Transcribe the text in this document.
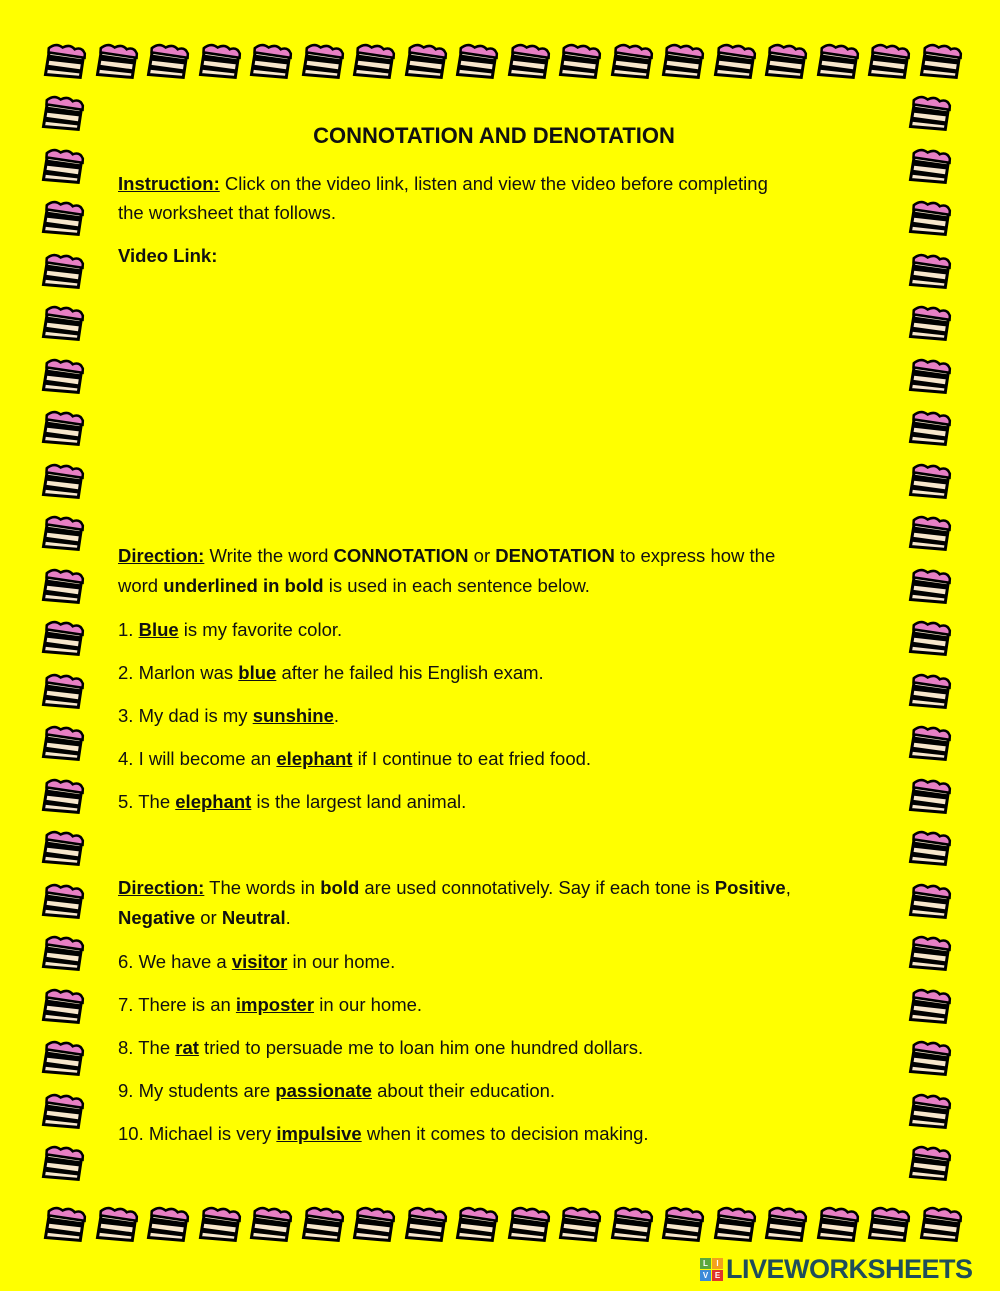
CONNOTATION AND DENOTATION
Instruction: Click on the video link, listen and view the video before completing
the worksheet that follows.
Video Link:
Direction: Write the word CONNOTATION or DENOTATION to express how the
word underlined in bold is used in each sentence below.
1. Blue is my favorite color.
2. Marlon was blue after he failed his English exam.
3. My dad is my sunshine.
4. I will become an elephant if I continue to eat fried food.
5. The elephant is the largest land animal.
Direction: The words in bold are used connotatively. Say if each tone is Positive,
Negative or Neutral.
6. We have a visitor in our home.
7. There is an imposter in our home.
8. The rat tried to persuade me to loan him one hundred dollars.
9. My students are passionate about their education.
10. Michael is very impulsive when it comes to decision making.
L	I
V E LIVEWORKSHEETS
